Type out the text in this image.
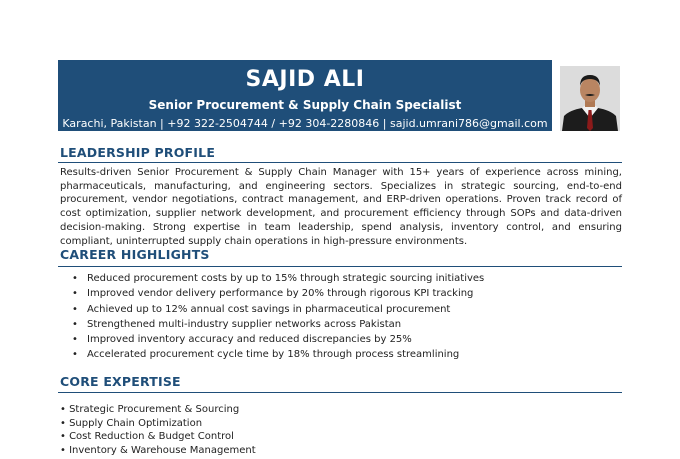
SAJID ALI
Senior Procurement & Supply Chain Specialist
Karachi, Pakistan | +92 322-2504744 / +92 304-2280846 | sajid.umrani786@gmail.com
LEADERSHIP PROFILE
Results-driven Senior Procurement & Supply Chain Manager with 15+ years of experience across mining, pharmaceuticals, manufacturing, and engineering sectors. Specializes in strategic sourcing, end-to-end procurement, vendor negotiations, contract management, and ERP-driven operations. Proven track record of cost optimization, supplier network development, and procurement efficiency through SOPs and data-driven decision-making. Strong expertise in team leadership, spend analysis, inventory control, and ensuring compliant, uninterrupted supply chain operations in high-pressure environments.
CAREER HIGHLIGHTS
• Reduced procurement costs by up to 15% through strategic sourcing initiatives
• Improved vendor delivery performance by 20% through rigorous KPI tracking
• Achieved up to 12% annual cost savings in pharmaceutical procurement
• Strengthened multi-industry supplier networks across Pakistan
• Improved inventory accuracy and reduced discrepancies by 25%
• Accelerated procurement cycle time by 18% through process streamlining
CORE EXPERTISE
• Strategic Procurement & Sourcing
• Supply Chain Optimization
• Cost Reduction & Budget Control
• Inventory & Warehouse Management
